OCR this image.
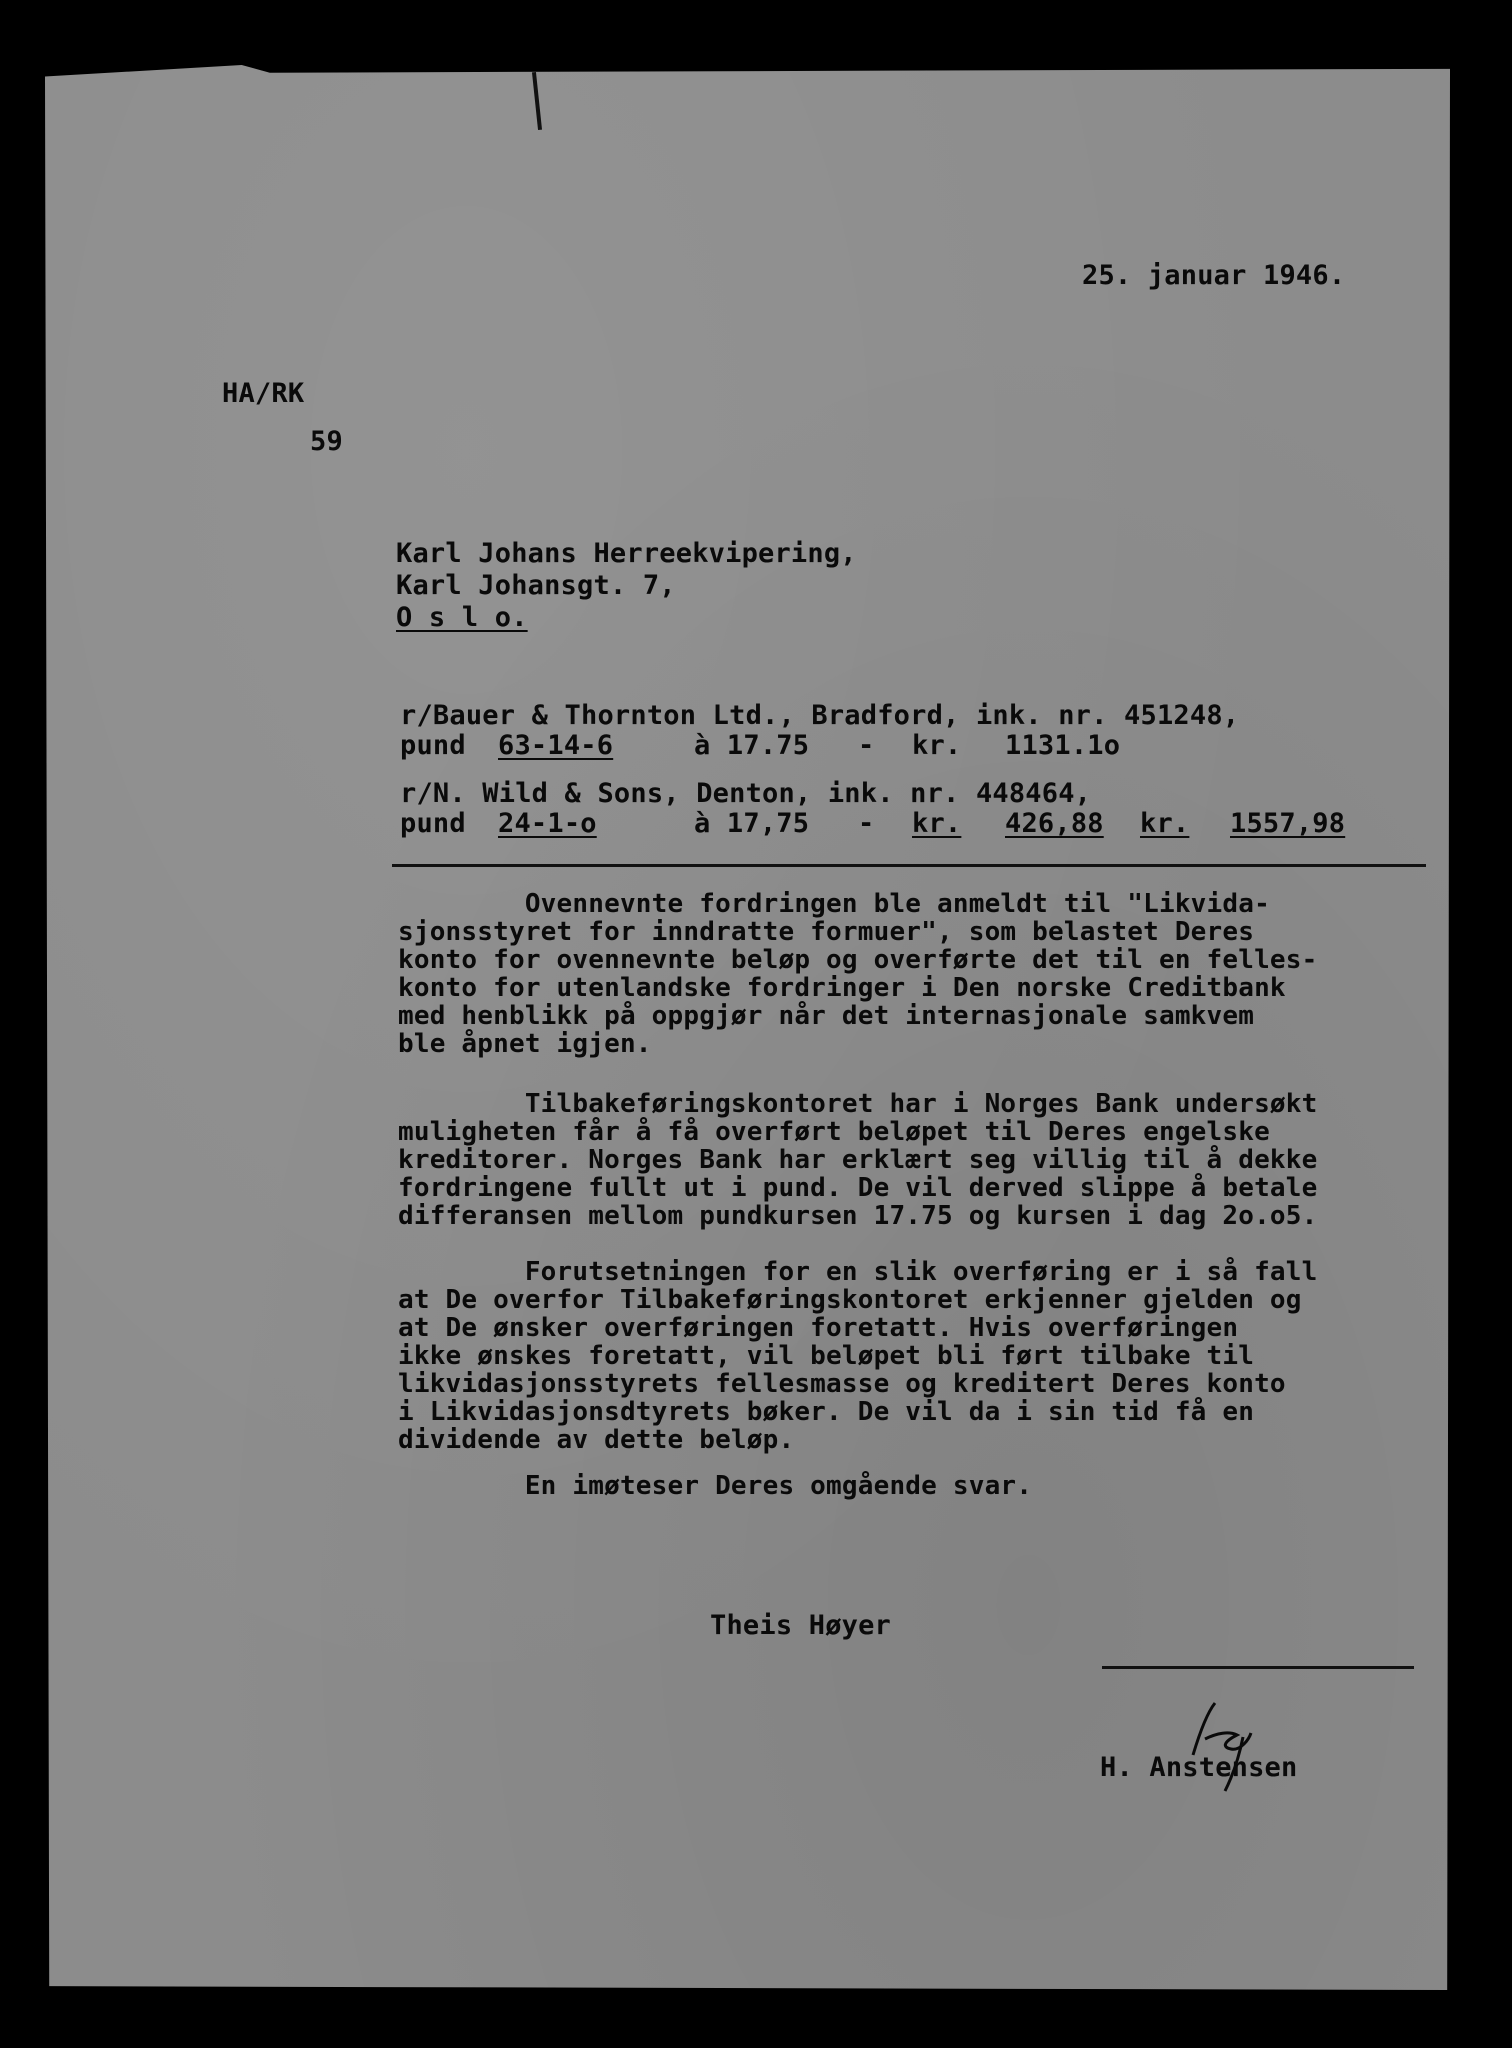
25. januar 1946.
HA/RK
59
Karl Johans Herreekvipering,
Karl Johansgt. 7,
O s l o.
r/Bauer & Thornton Ltd., Bradford, ink. nr. 451248,
pund 63-14-6	à 17.75 - kr. 1131.1o
r/N. Wild & Sons, Denton, ink. nr. 448464,
pund 24-1-o	à 17,75 - kr. 426,88 kr. 1557,98
Ovennevnte fordringen ble anmeldt til "Likvida-
sjonsstyret for inndratte formuer", som belastet Deres
konto for ovennevnte beløp og overførte det til en felles-
konto for utenlandske fordringer i Den norske Creditbank
med henblikk på oppgjør når det internasjonale samkvem
ble åpnet igjen.
Tilbakeføringskontoret har i Norges Bank undersøkt
muligheten får å få overført beløpet til Deres engelske
kreditorer. Norges Bank har erklært seg villig til å dekke
fordringene fullt ut i pund. De vil derved slippe å betale
differansen mellom pundkursen 17.75 og kursen i dag 2o.o5.
Forutsetningen for en slik overføring er i så fall
at De overfor Tilbakeføringskontoret erkjenner gjelden og
at De ønsker overføringen foretatt. Hvis overføringen
ikke ønskes foretatt, vil beløpet bli ført tilbake til
likvidasjonsstyrets fellesmasse og kreditert Deres konto
i Likvidasjonsdtyrets bøker. De vil da i sin tid få en
dividende av dette beløp.
En imøteser Deres omgående svar.
Theis Høyer
H. Anstensen
